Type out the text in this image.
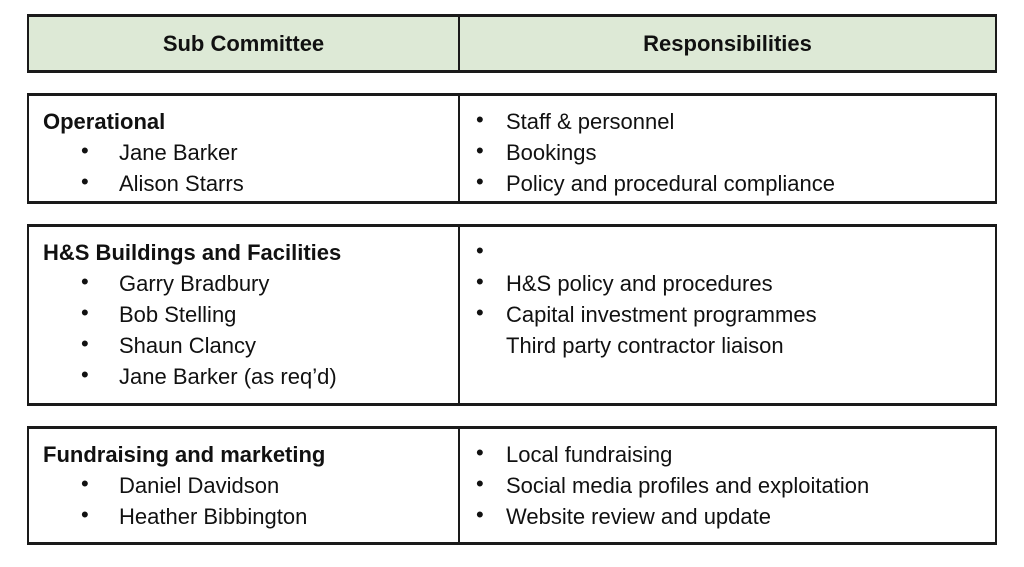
Sub Committee	Responsibilities
Operational
• Jane Barker
• Alison Starrs
• Staff & personnel
• Bookings
• Policy and procedural compliance
H&S Buildings and Facilities
• Garry Bradbury
• Bob Stelling
• Shaun Clancy
• Jane Barker (as req’d)
•
• H&S policy and procedures
• Capital investment programmes
Third party contractor liaison
Fundraising and marketing
• Daniel Davidson
• Heather Bibbington
• Local fundraising
• Social media profiles and exploitation
• Website review and update
